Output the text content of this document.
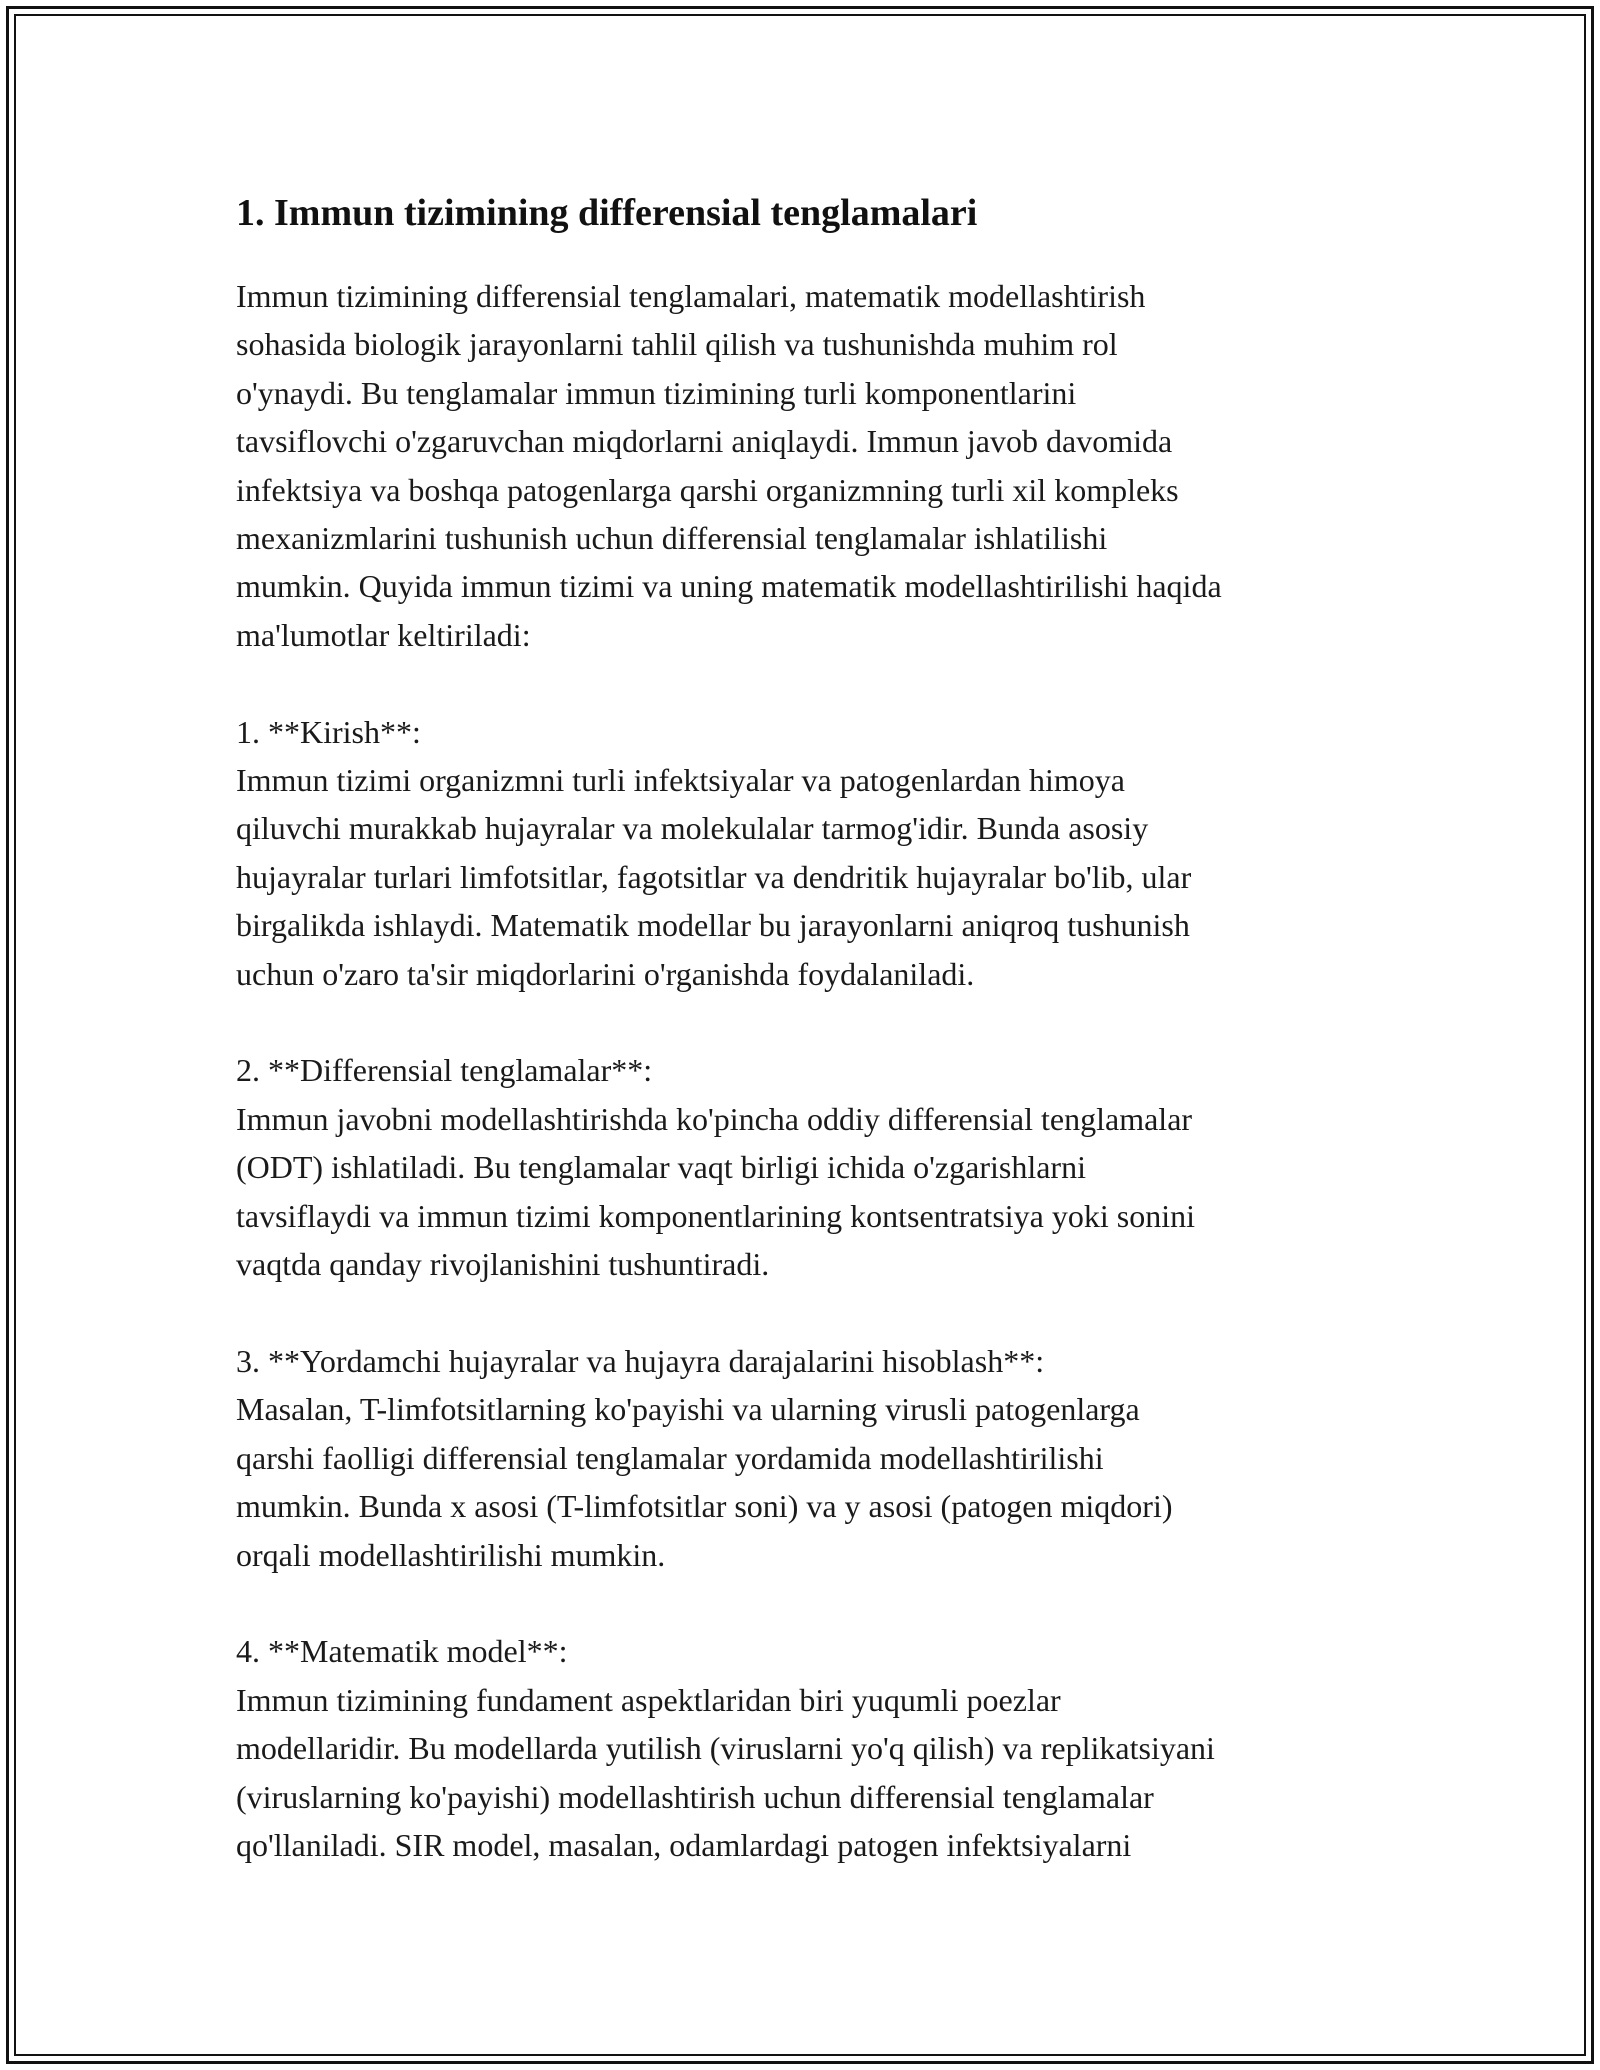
1. Immun tizimining differensial tenglamalari

Immun tizimining differensial tenglamalari, matematik modellashtirish
sohasida biologik jarayonlarni tahlil qilish va tushunishda muhim rol
o'ynaydi. Bu tenglamalar immun tizimining turli komponentlarini
tavsiflovchi o'zgaruvchan miqdorlarni aniqlaydi. Immun javob davomida
infektsiya va boshqa patogenlarga qarshi organizmning turli xil kompleks
mexanizmlarini tushunish uchun differensial tenglamalar ishlatilishi
mumkin. Quyida immun tizimi va uning matematik modellashtirilishi haqida
ma'lumotlar keltiriladi:

1. **Kirish**:

Immun tizimi organizmni turli infektsiyalar va patogenlardan himoya
qiluvchi murakkab hujayralar va molekulalar tarmog'idir. Bunda asosiy
hujayralar turlari limfotsitlar, fagotsitlar va dendritik hujayralar bo'lib, ular
birgalikda ishlaydi. Matematik modellar bu jarayonlarni aniqroq tushunish
uchun o'zaro ta'sir miqdorlarini o'rganishda foydalaniladi.

2. **Differensial tenglamalar**:

Immun javobni modellashtirishda ko'pincha oddiy differensial tenglamalar
(ODT) ishlatiladi. Bu tenglamalar vaqt birligi ichida o'zgarishlarni
tavsiflaydi va immun tizimi komponentlarining kontsentratsiya yoki sonini
vaqtda qanday rivojlanishini tushuntiradi.

3. **Yordamchi hujayralar va hujayra darajalarini hisoblash**:

Masalan, T-limfotsitlarning ko'payishi va ularning virusli patogenlarga
qarshi faolligi differensial tenglamalar yordamida modellashtirilishi
mumkin. Bunda x asosi (T-limfotsitlar soni) va y asosi (patogen miqdori)
orqali modellashtirilishi mumkin.

4. **Matematik model**:

Immun tizimining fundament aspektlaridan biri yuqumli poezlar
modellaridir. Bu modellarda yutilish (viruslarni yo'q qilish) va replikatsiyani
(viruslarning ko'payishi) modellashtirish uchun differensial tenglamalar
qo'llaniladi. SIR model, masalan, odamlardagi patogen infektsiyalarni
